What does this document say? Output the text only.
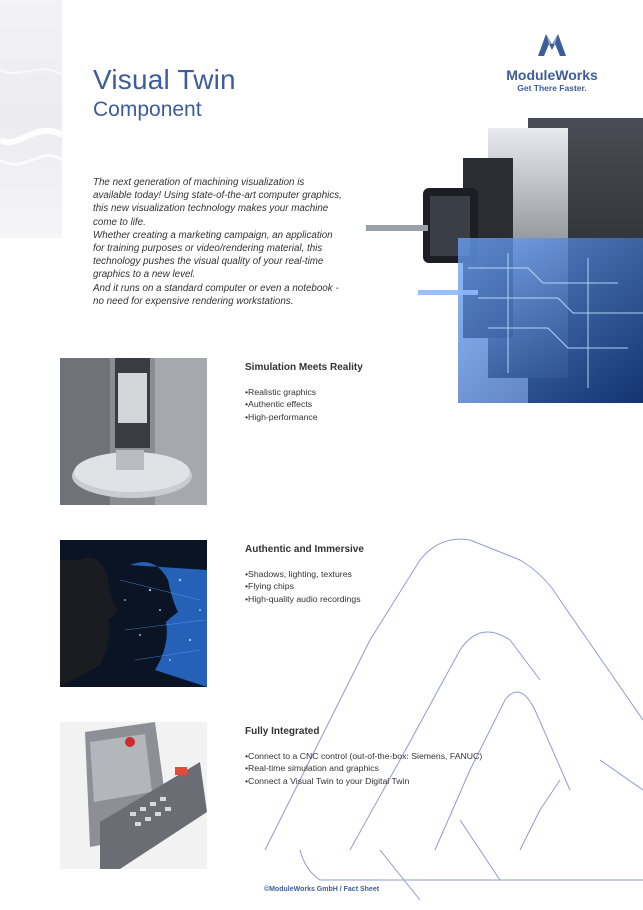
Visual Twin
Component
ModuleWorks
Get There Faster.

The next generation of machining visualization is available today! Using state-of-the-art computer graphics, this new visualization technology makes your machine come to life.

Whether creating a marketing campaign, an application for training purposes or video/rendering material, this technology pushes the visual quality of your real-time graphics to a new level.

And it runs on a standard computer or even a notebook - no need for expensive rendering workstations.

Simulation Meets Reality
• Realistic graphics
• Authentic effects
• High-performance
Authentic and Immersive
• Shadows, lighting, textures
• Flying chips
• High-quality audio recordings
Fully Integrated
• Connect to a CNC control (out-of-the-box: Siemens, FANUC)
• Real-time simulation and graphics
• Connect a Visual Twin to your Digital Twin
©ModuleWorks GmbH / Fact Sheet
